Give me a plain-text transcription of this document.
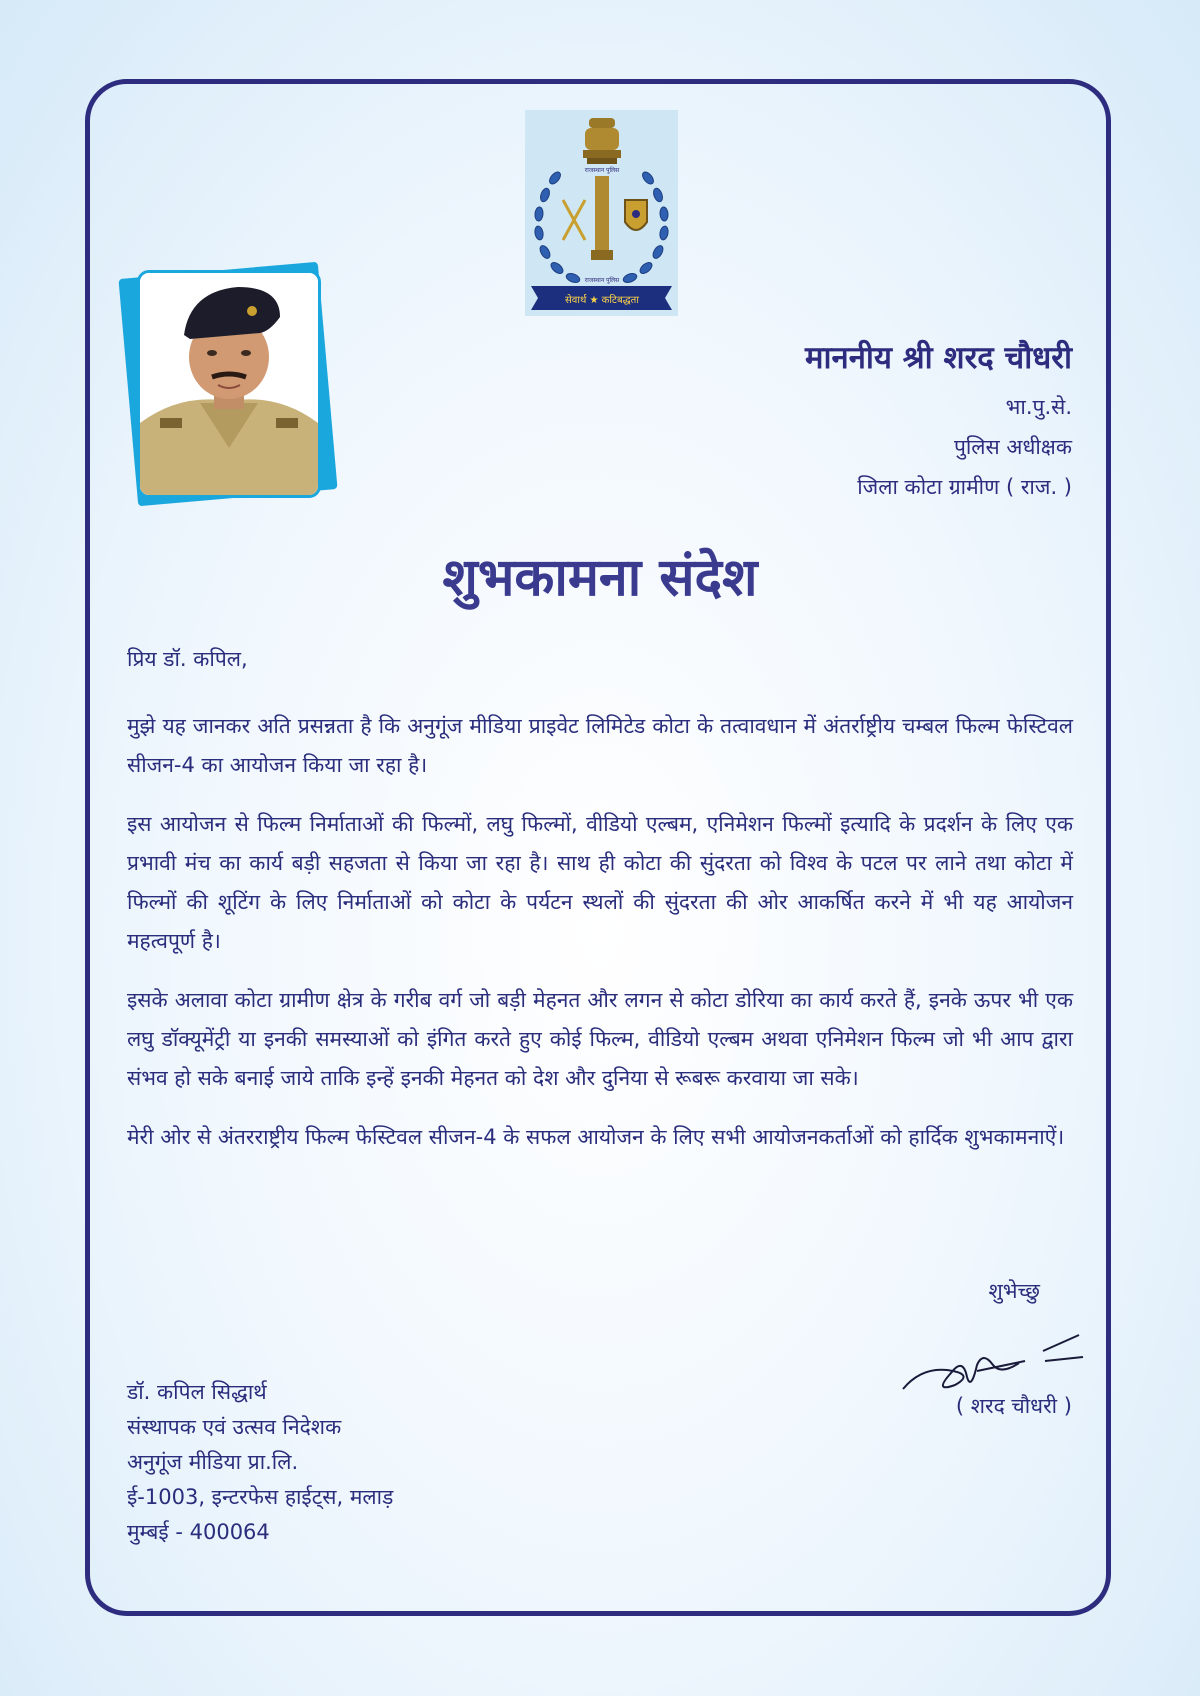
राजस्थान पुलिस
राजस्थान पुलिस
सेवार्थ ★ कटिबद्धता
माननीय श्री शरद चौधरी
भा.पु.से.
पुलिस अधीक्षक
जिला कोटा ग्रामीण ( राज. )
शुभकामना संदेश

प्रिय डॉ. कपिल,

मुझे यह जानकर अति प्रसन्नता है कि अनुगूंज मीडिया प्राइवेट लिमिटेड कोटा के तत्वावधान में अंतर्राष्ट्रीय चम्बल फिल्म फेस्टिवल सीजन-4 का आयोजन किया जा रहा है।

इस आयोजन से फिल्म निर्माताओं की फिल्मों, लघु फिल्मों, वीडियो एल्बम, एनिमेशन फिल्मों इत्यादि के प्रदर्शन के लिए एक प्रभावी मंच का कार्य बड़ी सहजता से किया जा रहा है। साथ ही कोटा की सुंदरता को विश्व के पटल पर लाने तथा कोटा में फिल्मों की शूटिंग के लिए निर्माताओं को कोटा के पर्यटन स्थलों की सुंदरता की ओर आकर्षित करने में भी यह आयोजन महत्वपूर्ण है।

इसके अलावा कोटा ग्रामीण क्षेत्र के गरीब वर्ग जो बड़ी मेहनत और लगन से कोटा डोरिया का कार्य करते हैं, इनके ऊपर भी एक लघु डॉक्यूमेंट्री या इनकी समस्याओं को इंगित करते हुए कोई फिल्म, वीडियो एल्बम अथवा एनिमेशन फिल्म जो भी आप द्वारा संभव हो सके बनाई जाये ताकि इन्हें इनकी मेहनत को देश और दुनिया से रूबरू करवाया जा सके।

मेरी ओर से अंतरराष्ट्रीय फिल्म फेस्टिवल सीजन-4 के सफल आयोजन के लिए सभी आयोजनकर्ताओं को हार्दिक शुभकामनाऐं।

शुभेच्छु
( शरद चौधरी )
डॉ. कपिल सिद्धार्थ
संस्थापक एवं उत्सव निदेशक
अनुगूंज मीडिया प्रा.लि.
ई-1003, इन्टरफेस हाईट्स, मलाड़
मुम्बई - 400064
